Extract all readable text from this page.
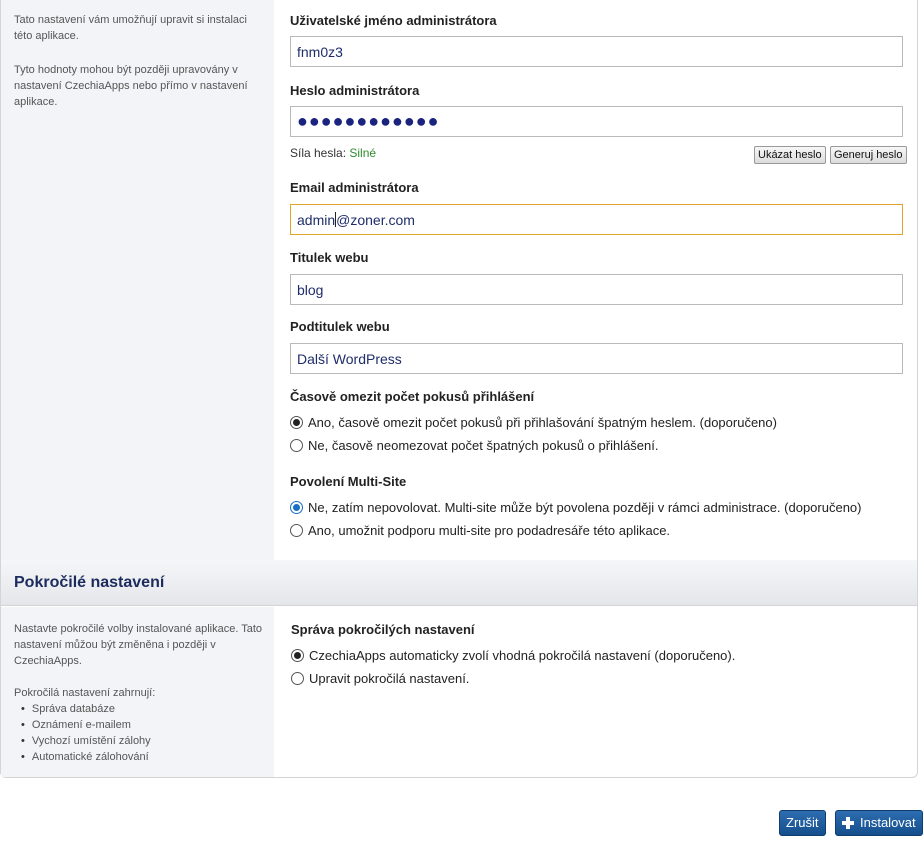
Tato nastavení vám umožňují upravit si instalaci této aplikace.

Tyto hodnoty mohou být později upravovány v nastavení CzechiaApps nebo přímo v nastavení aplikace.

Uživatelské jméno administrátora
fnm0z3
Heslo administrátora
●●●●●●●●●●●●
Síla hesla: Silné	Ukázat heslo	Generuj heslo
Email administrátora
admin@zoner.com
Titulek webu
blog
Podtitulek webu
Další WordPress
Časově omezit počet pokusů přihlášení
Ano, časově omezit počet pokusů při přihlašování špatným heslem. (doporučeno)
Ne, časově neomezovat počet špatných pokusů o přihlášení.
Povolení Multi-Site
Ne, zatím nepovolovat. Multi-site může být povolena později v rámci administrace. (doporučeno)
Ano, umožnit podporu multi-site pro podadresáře této aplikace.
Pokročilé nastavení

Nastavte pokročilé volby instalované aplikace. Tato nastavení můžou být změněna i později v CzechiaApps.

Pokročilá nastavení zahrnují:

• Správa databáze
• Oznámení e-mailem
• Vychozí umístění zálohy
• Automatické zálohování
Správa pokročilých nastavení
CzechiaApps automaticky zvolí vhodná pokročilá nastavení (doporučeno).
Upravit pokročilá nastavení.
Zrušit	Instalovat
